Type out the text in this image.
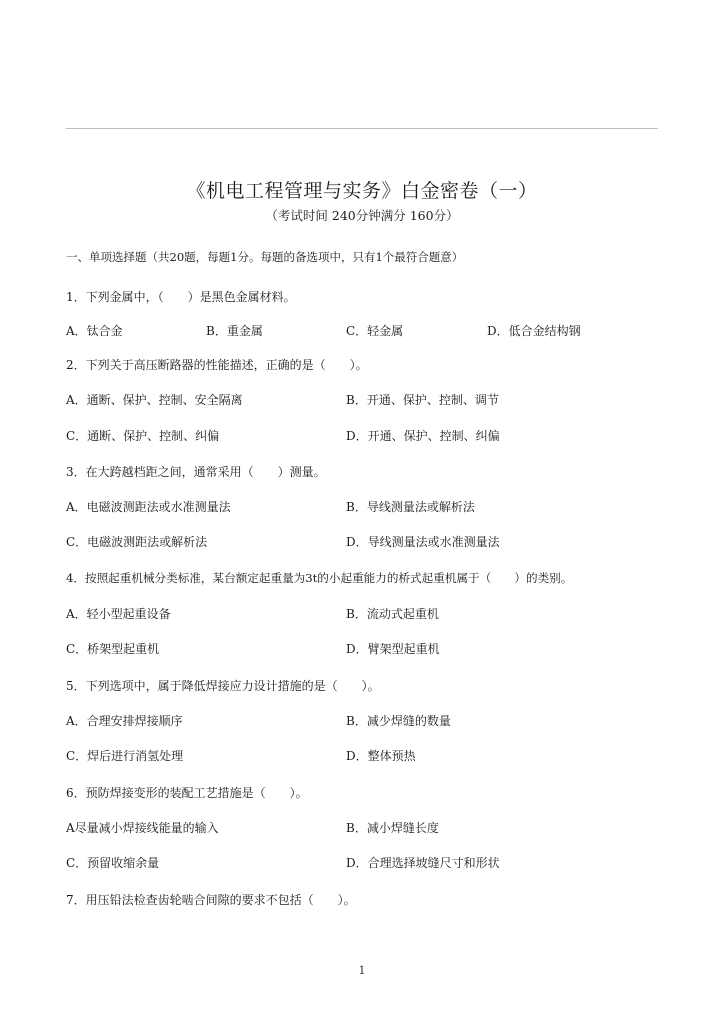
《机电工程管理与实务》白金密卷（一）
（考试时间 240分钟满分 160分）
一、单项选择题（共20题，每题1分。每题的备选项中，只有1个最符合题意）
1．下列金属中，（　　）是黑色金属材料。
A．钛合金	B．重金属	C．轻金属	D．低合金结构钢
2．下列关于高压断路器的性能描述，正确的是（　　）。
A．通断、保护、控制、安全隔离	B．开通、保护、控制、调节
C．通断、保护、控制、纠偏	D．开通、保护、控制、纠偏
3．在大跨越档距之间，通常采用（　　）测量。
A．电磁波测距法或水准测量法	B．导线测量法或解析法
C．电磁波测距法或解析法	D．导线测量法或水准测量法
4．按照起重机械分类标准，某台额定起重量为3t的小起重能力的桥式起重机属于（　　）的类别。
A．轻小型起重设备	B．流动式起重机
C．桥架型起重机	D．臂架型起重机
5．下列选项中，属于降低焊接应力设计措施的是（　　）。
A．合理安排焊接顺序	B．减少焊缝的数量
C．焊后进行消氢处理	D．整体预热
6．预防焊接变形的装配工艺措施是（　　）。
A尽量减小焊接线能量的输入	B．减小焊缝长度
C．预留收缩余量	D．合理选择坡缝尺寸和形状
7．用压铅法检查齿轮啮合间隙的要求不包括（　　）。
1
